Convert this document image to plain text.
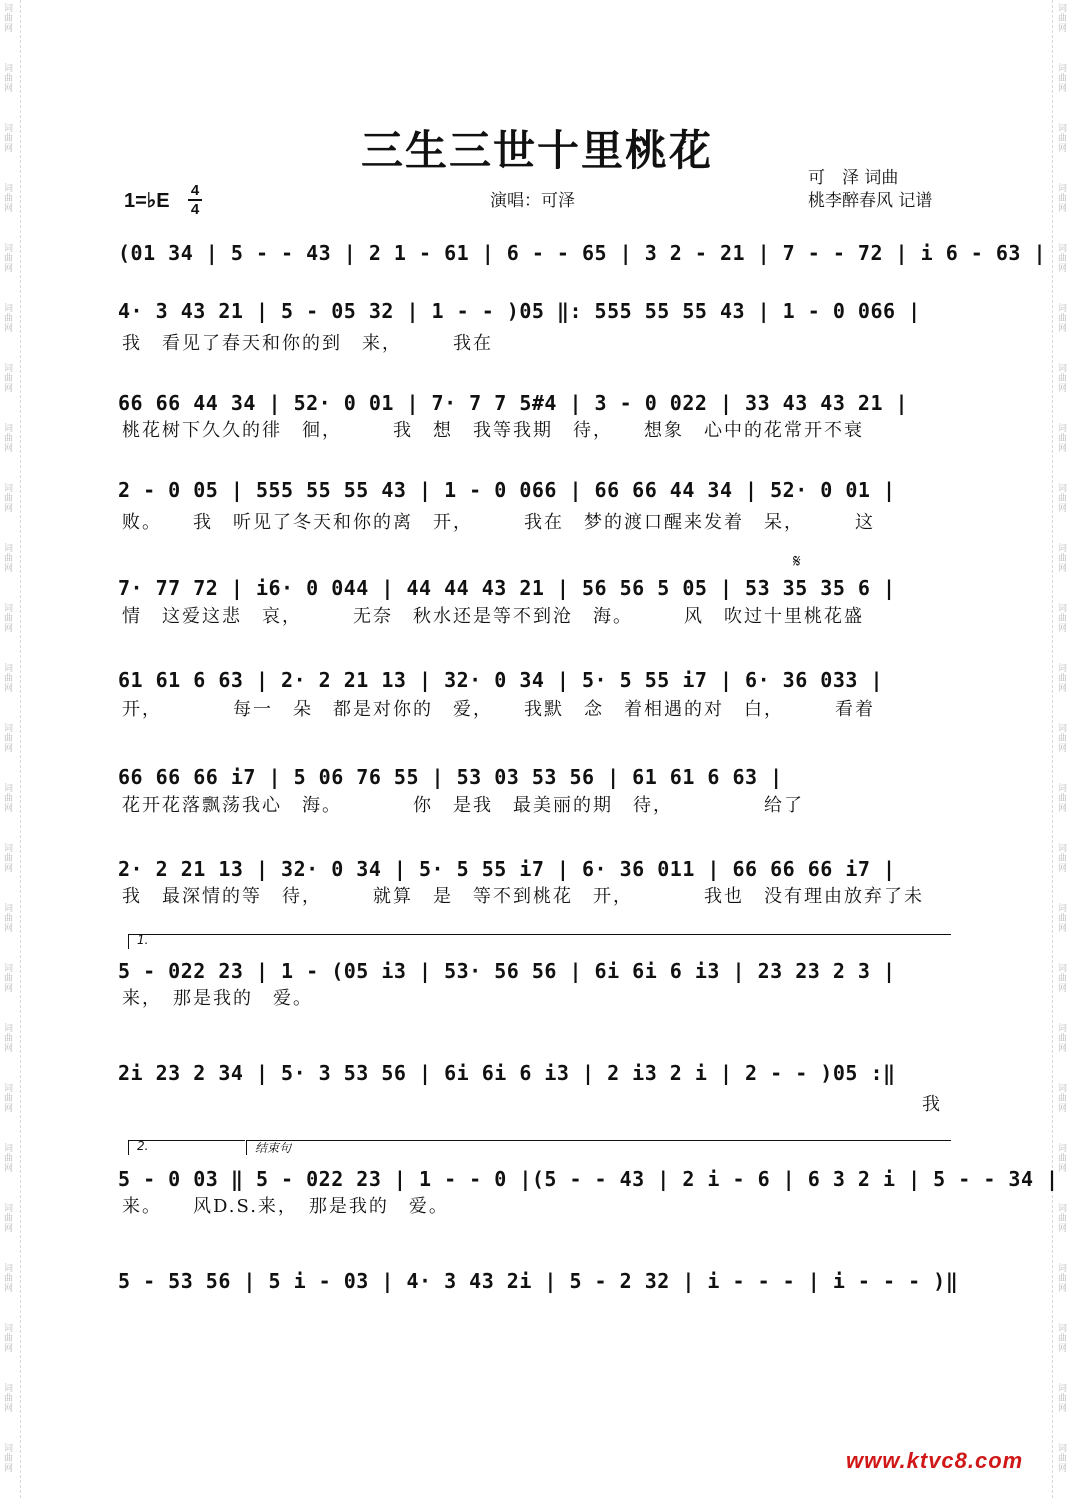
三生三世十里桃花
1=♭E 4
4	演唱：可泽
可　泽 词曲
桃李醉春风 记谱
(01 34 | 5 - - 43 | 2 1 - 61 | 6 - - 65 | 3 2 - 21 | 7 - - 72 | i 6 - 63 |
4· 3 43 21 | 5 - 05 32 | 1 - - )05 ‖: 555 55 55 43 | 1 - 0 066 |
我　看见了春天和你的到　来，　　　我在
66 66 44 34 | 52· 0 01 | 7· 7 7 5#4 | 3 - 0 022 | 33 43 43 21 |
桃花树下久久的徘　徊，　　　我　想　我等我期　待，　　想象　心中的花常开不衰
2 - 0 05 | 555 55 55 43 | 1 - 0 066 | 66 66 44 34 | 52· 0 01 |
败。　　我　听见了冬天和你的离　开，　　　我在　梦的渡口醒来发着　呆，　　　这
7· 77 72 | i6· 0 044 | 44 44 43 21 | 56 56 5 05 | 53 35 35 6 |
情　这爱这悲　哀，　　　无奈　秋水还是等不到沧　海。　　　风　吹过十里桃花盛
61 61 6 63 | 2· 2 21 13 | 32· 0 34 | 5· 5 55 i7 | 6· 36 033 |
开，　　　　每一　朵　都是对你的　爱，　　我默　念　着相遇的对　白，　　　看着
66 66 66 i7 | 5 06 76 55 | 53 03 53 56 | 61 61 6 63 |
花开花落飘荡我心　海。　　　　你　是我　最美丽的期　待，　　　　　给了
2· 2 21 13 | 32· 0 34 | 5· 5 55 i7 | 6· 36 011 | 66 66 66 i7 |
我　最深情的等　待，　　　就算　是　等不到桃花　开，　　　　我也　没有理由放弃了未
5 - 022 23 | 1 - (05 i3 | 53· 56 56 | 6i 6i 6 i3 | 23 23 2 3 |
来，　那是我的　爱。
2i 23 2 34 | 5· 3 53 56 | 6i 6i 6 i3 | 2 i3 2 i | 2 - - )05 :‖
　　　　　　　　　　　　　　　　　　　　　　　　　　　　　　　　　　　　　　　　我
5 - 0 03 ‖ 5 - 022 23 | 1 - - 0 |(5 - - 43 | 2 i - 6 | 6 3 2 i | 5 - - 34 |
来。　　风D.S.来，　那是我的　爱。
5 - 53 56 | 5 i - 03 | 4· 3 43 2i | 5 - 2 32 | i - - - | i - - - )‖
𝄋
1.
2.	结束句
www.ktvc8.com
词曲网
词曲网
词曲网
词曲网
词曲网
词曲网
词曲网
词曲网
词曲网
词曲网
词曲网
词曲网
词曲网
词曲网
词曲网
词曲网
词曲网
词曲网
词曲网
词曲网
词曲网
词曲网
词曲网
词曲网
词曲网
词曲网
词曲网
词曲网
词曲网
词曲网
词曲网
词曲网
词曲网
词曲网
词曲网
词曲网
词曲网
词曲网
词曲网
词曲网
词曲网
词曲网
词曲网
词曲网
词曲网
词曲网
词曲网
词曲网
词曲网
词曲网
